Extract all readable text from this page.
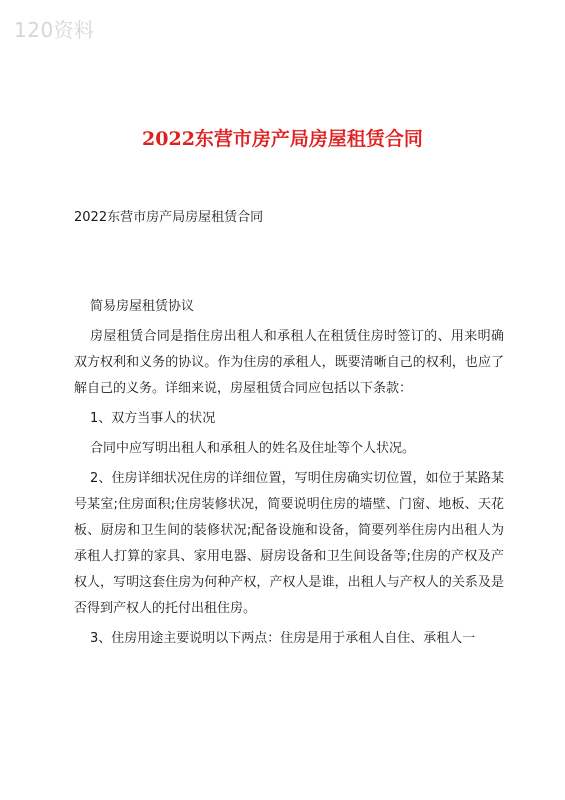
120资料
2022东营市房产局房屋租赁合同
2022东营市房产局房屋租赁合同

简易房屋租赁协议

房屋租赁合同是指住房出租人和承租人在租赁住房时签订的、用来明确双方权利和义务的协议。作为住房的承租人，既要清晰自己的权利，也应了解自己的义务。详细来说，房屋租赁合同应包括以下条款：

1、双方当事人的状况

合同中应写明出租人和承租人的姓名及住址等个人状况。

2、住房详细状况住房的详细位置，写明住房确实切位置，如位于某路某号某室;住房面积;住房装修状况，简要说明住房的墙壁、门窗、地板、天花板、厨房和卫生间的装修状况;配备设施和设备，简要列举住房内出租人为承租人打算的家具、家用电器、厨房设备和卫生间设备等;住房的产权及产权人，写明这套住房为何种产权，产权人是谁，出租人与产权人的关系及是否得到产权人的托付出租住房。

3、住房用途主要说明以下两点：住房是用于承租人自住、承租人一
